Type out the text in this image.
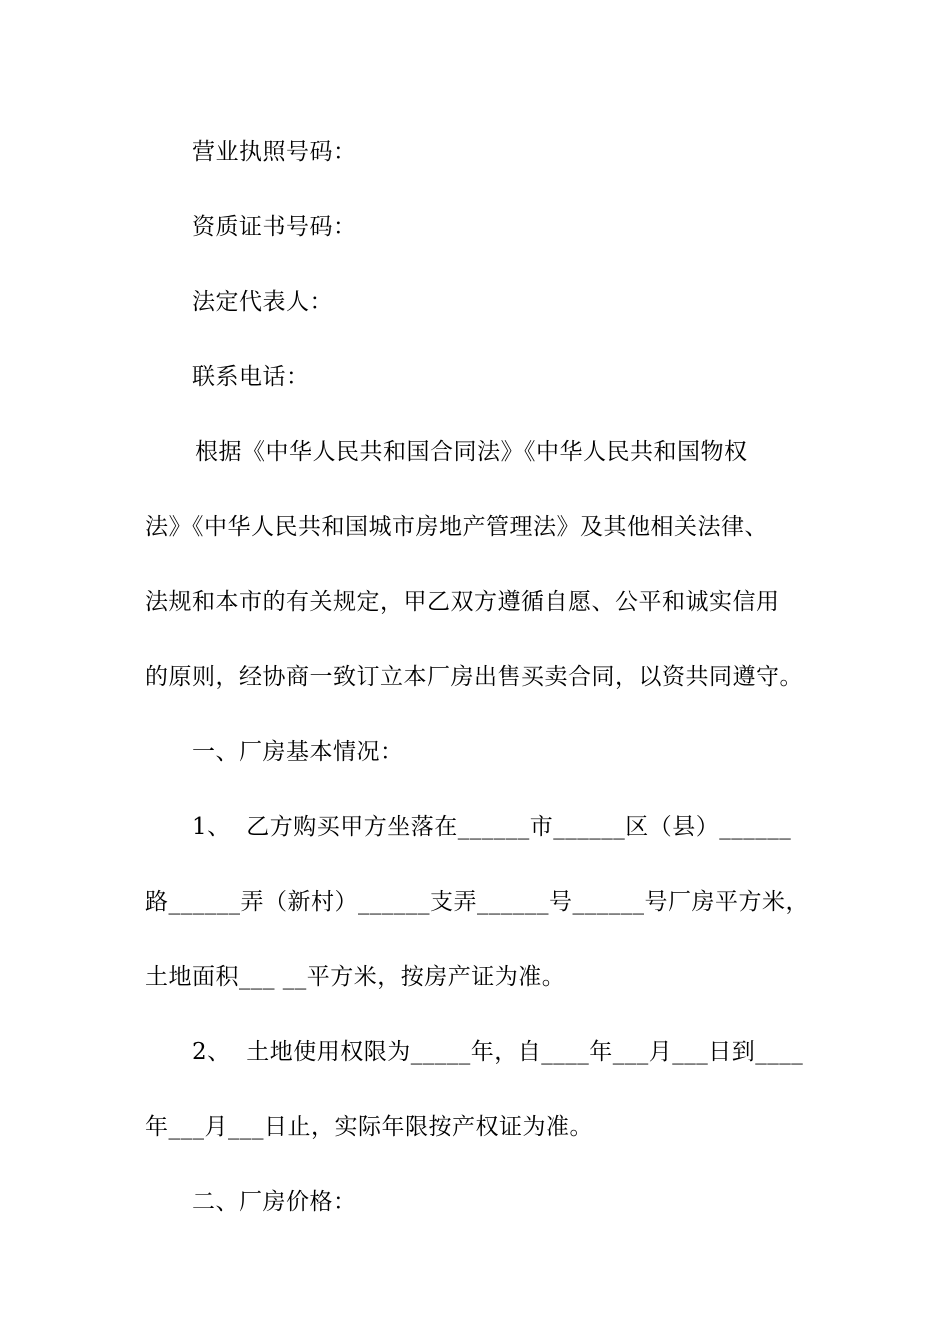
营业执照号码：
资质证书号码：
法定代表人：
联系电话：
根据《中华人民共和国合同法》《中华人民共和国物权
法》《中华人民共和国城市房地产管理法》及其他相关法律、
法规和本市的有关规定，甲乙双方遵循自愿、公平和诚实信用
的原则，经协商一致订立本厂房出售买卖合同，以资共同遵守。
一、厂房基本情况：
1、  乙方购买甲方坐落在______市______区（县）______
路______弄（新村）______支弄______号______号厂房平方米，
土地面积___ __平方米，按房产证为准。
2、  土地使用权限为_____年，自____年___月___日到____
年___月___日止，实际年限按产权证为准。
二、厂房价格：
